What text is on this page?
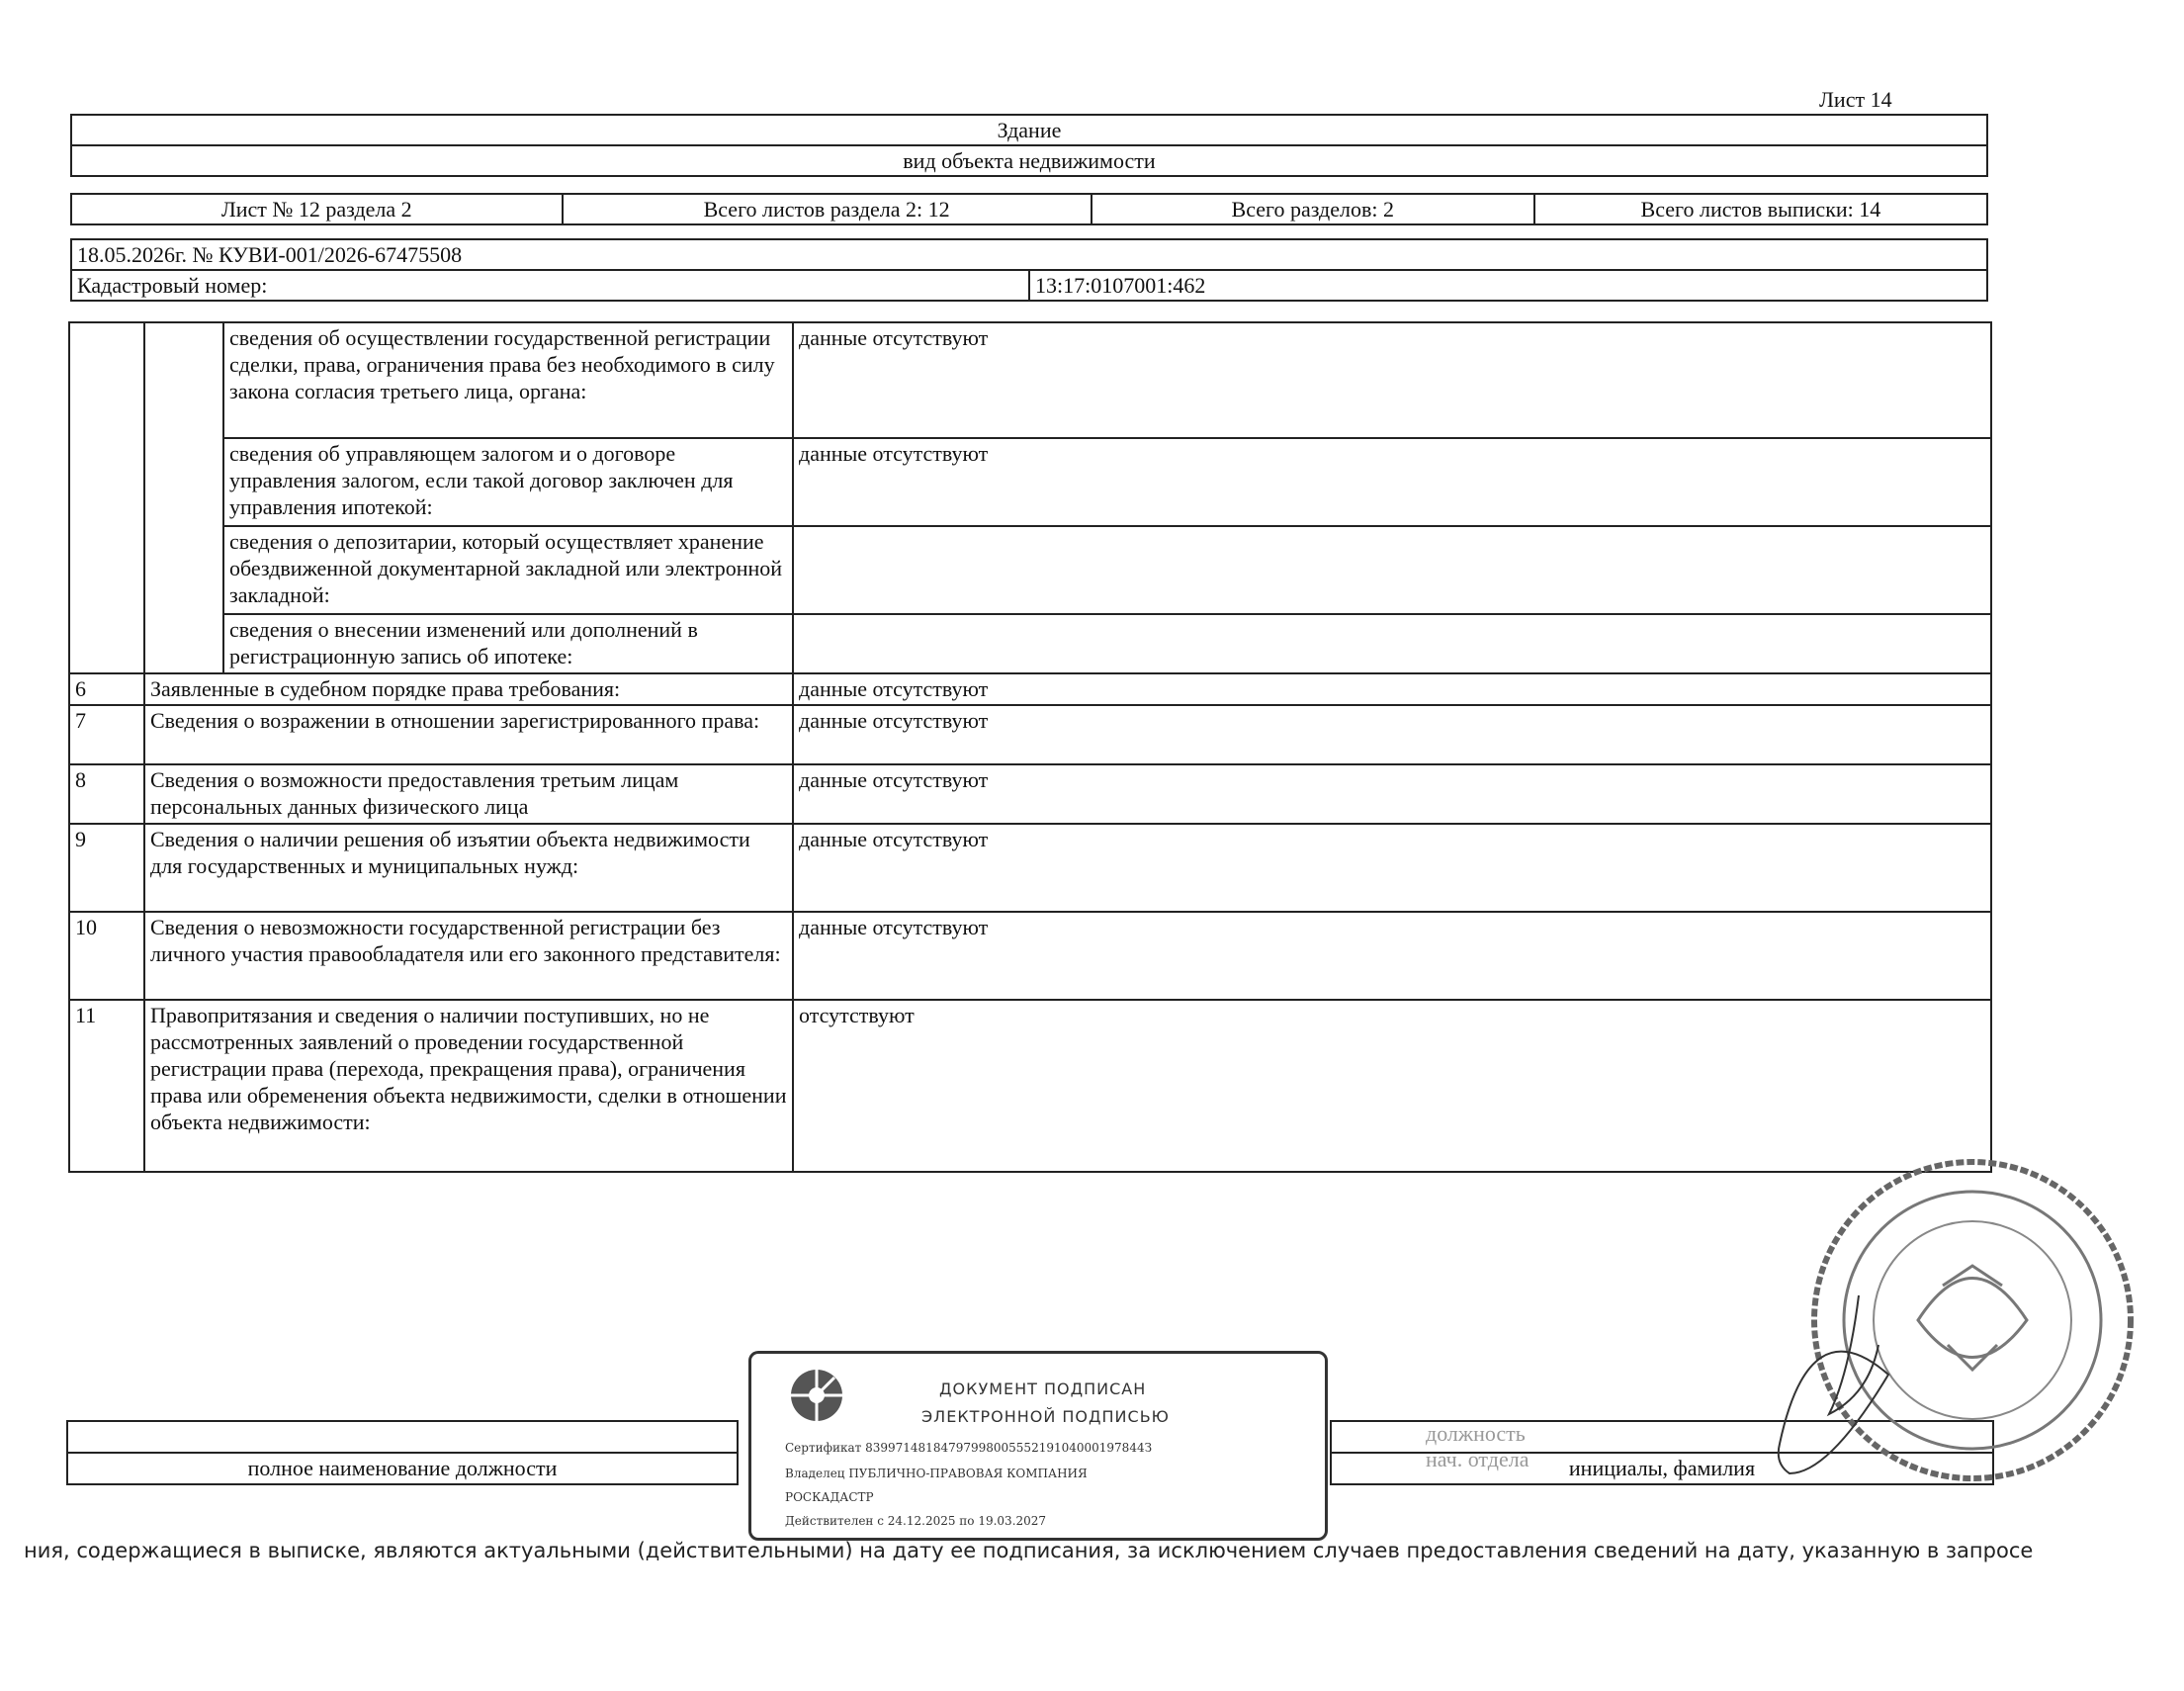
Лист 14
Здание
вид объекта недвижимости
Лист № 12 раздела 2	Всего листов раздела 2: 12	Всего разделов: 2	Всего листов выписки: 14
18.05.2026г. № КУВИ-001/2026-67475508
Кадастровый номер:	13:17:0107001:462
		сведения об осуществлении государственной регистрации сделки, права, ограничения права без необходимого в силу закона согласия третьего лица, органа:	данные отсутствуют
		сведения об управляющем залогом и о договоре управления залогом, если такой договор заключен для управления ипотекой:	данные отсутствуют
		сведения о депозитарии, который осуществляет хранение обездвиженной документарной закладной или электронной закладной:	
		сведения о внесении изменений или дополнений в регистрационную запись об ипотеке:	
6	Заявленные в судебном порядке права требования:		данные отсутствуют
7	Сведения о возражении в отношении зарегистрированного права:		данные отсутствуют
8	Сведения о возможности предоставления третьим лицам персональных данных физического лица		данные отсутствуют
9	Сведения о наличии решения об изъятии объекта недвижимости для государственных и муниципальных нужд:		данные отсутствуют
10	Сведения о невозможности государственной регистрации без личного участия правообладателя или его законного представителя:		данные отсутствуют
11	Правопритязания и сведения о наличии поступивших, но не рассмотренных заявлений о проведении государственной регистрации права (перехода, прекращения права), ограничения права или обременения объекта недвижимости, сделки в отношении объекта недвижимости:		отсутствуют

		должность

полное наименование должности		нач. отдела инициалы, фамилия
ДОКУМЕНТ ПОДПИСАН
ЭЛЕКТРОННОЙ ПОДПИСЬЮ
Сертификат 8399714818479799800555219104000197844З
Владелец ПУБЛИЧНО-ПРАВОВАЯ КОМПАНИЯ
РОСКАДАСТР
Действителен с 24.12.2025 по 19.03.2027
ния, содержащиеся в выписке, являются актуальными (действительными) на дату ее подписания, за исключением случаев предоставления сведений на дату, указанную в запросе
